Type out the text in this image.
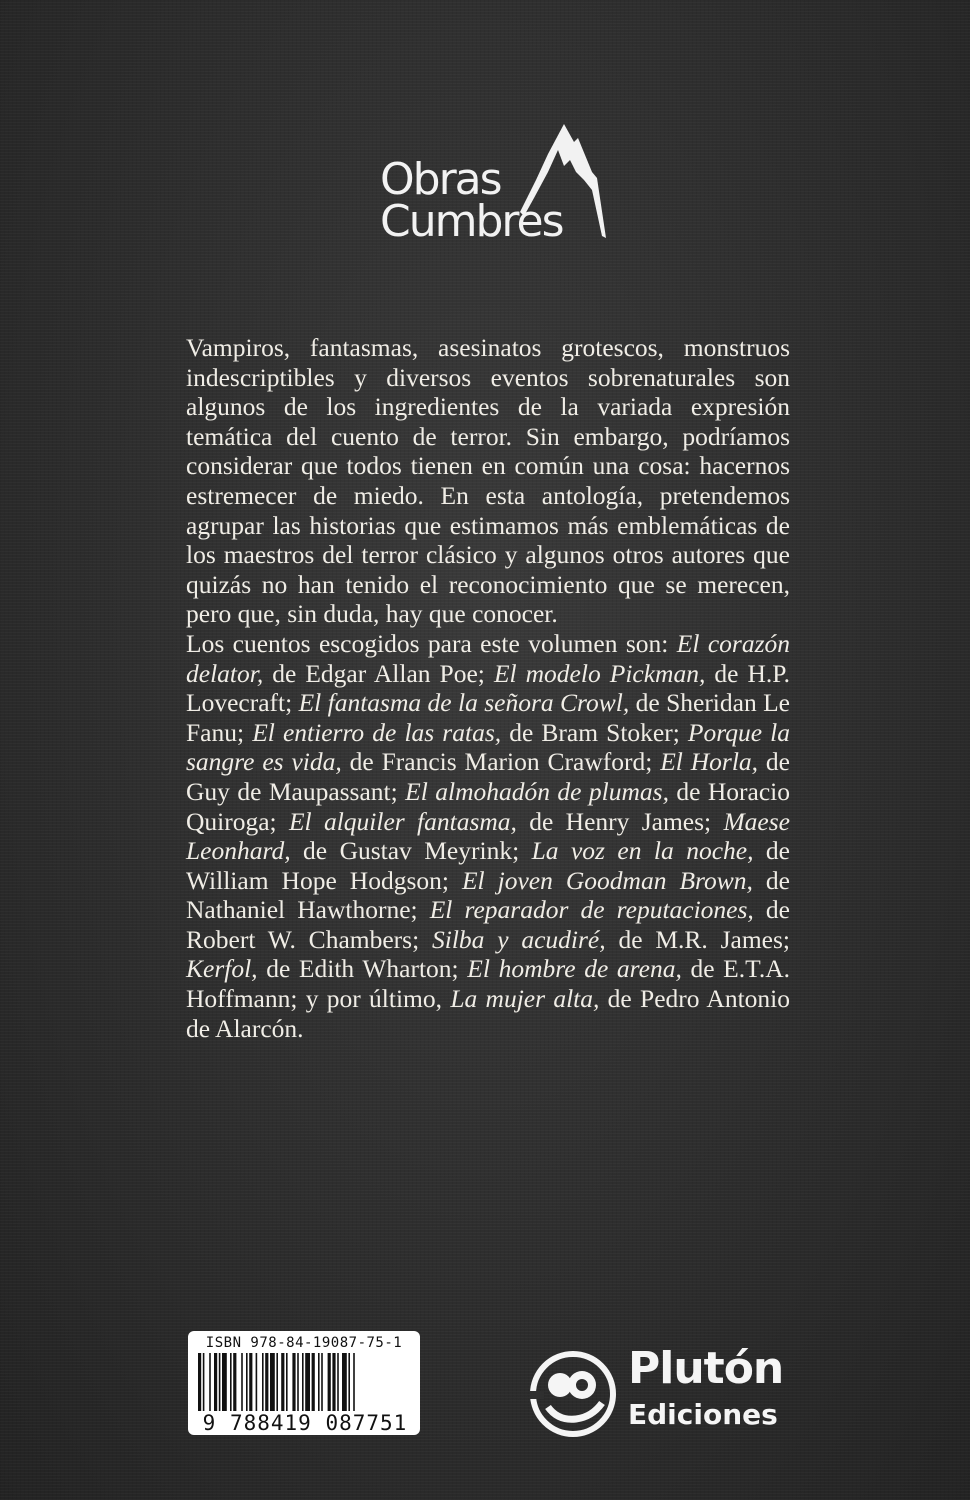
Obras
Cumbres

Vampiros, fantasmas, asesinatos grotescos, monstruos indescriptibles y diversos eventos sobrenaturales son algunos de los ingredientes de la variada expresión temática del cuento de terror. Sin embargo, podríamos considerar que todos tienen en común una cosa: hacernos estremecer de miedo. En esta antología, pretendemos agrupar las historias que estimamos más emblemáticas de los maestros del terror clásico y algunos otros autores que quizás no han tenido el reconocimiento que se merecen, pero que, sin duda, hay que conocer.

Los cuentos escogidos para este volumen son: El corazón delator, de Edgar Allan Poe; El modelo Pickman, de H.P. Lovecraft; El fantasma de la señora Crowl, de Sheridan Le Fanu; El entierro de las ratas, de Bram Stoker; Porque la sangre es vida, de Francis Marion Crawford; El Horla, de Guy de Maupassant; El almohadón de plumas, de Horacio Quiroga; El alquiler fantasma, de Henry James; Maese Leonhard, de Gustav Meyrink; La voz en la noche, de William Hope Hodgson; El joven Goodman Brown, de Nathaniel Hawthorne; El reparador de reputaciones, de Robert W. Chambers; Silba y acudiré, de M.R. James; Kerfol, de Edith Wharton; El hombre de arena, de E.T.A. Hoffmann; y por último, La mujer alta, de Pedro Antonio de Alarcón.

ISBN 978-84-19087-75-1
9 788419 087751
Plutón
Ediciones
